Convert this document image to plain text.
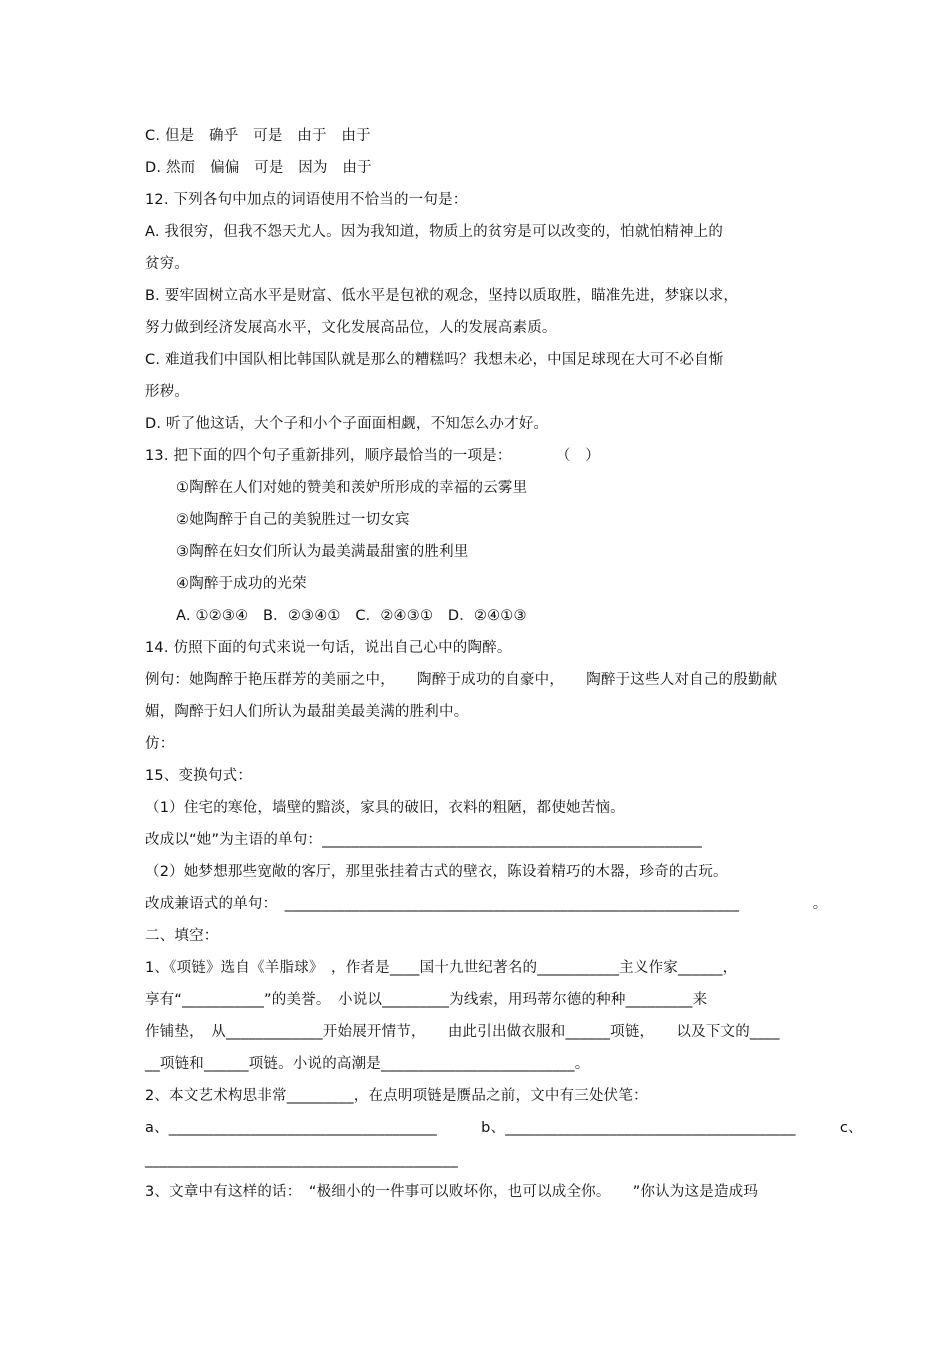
C. 但是　确乎　可是　由于　由于
D. 然而　偏偏　可是　因为　由于
12. 下列各句中加点的词语使用不恰当的一句是：
A. 我很穷，但我不怨天尤人。因为我知道，物质上的贫穷是可以改变的，怕就怕精神上的
贫穷。
B. 要牢固树立高水平是财富、低水平是包袱的观念，坚持以质取胜，瞄准先进，梦寐以求，
努力做到经济发展高水平，文化发展高品位，人的发展高素质。
C. 难道我们中国队相比韩国队就是那么的糟糕吗？我想未必，中国足球现在大可不必自惭
形秽。
D. 听了他这话，大个子和小个子面面相觑，不知怎么办才好。
13. 把下面的四个句子重新排列，顺序最恰当的一项是：　　　　（　）
①陶醉在人们对她的赞美和羡妒所形成的幸福的云雾里
②她陶醉于自己的美貌胜过一切女宾
③陶醉在妇女们所认为最美满最甜蜜的胜利里
④陶醉于成功的光荣
A. ①②③④　B．②③④①　C．②④③①　D．②④①③
14. 仿照下面的句式来说一句话，说出自己心中的陶醉。
例句：她陶醉于艳压群芳的美丽之中，　　陶醉于成功的自豪中，　　陶醉于这些人对自己的殷勤献
媚，陶醉于妇人们所认为最甜美最美满的胜利中。
仿：
15、变换句式：
（1）住宅的寒伧，墙壁的黯淡，家具的破旧，衣料的粗陋，都使她苦恼。
改成以“她”为主语的单句：___________________________________________________
（2）她梦想那些宽敞的客厅，那里张挂着古式的壁衣，陈设着精巧的木器，珍奇的古玩。
改成兼语式的单句：　_____________________________________________________________　　　　　。
二、填空：
1、《项链》选自《羊脂球》　，作者是____国十九世纪著名的___________主义作家______，
享有“___________”的美誉。　小说以_________为线索，用玛蒂尔德的种种_________来
作铺垫，　从_____________开始展开情节，　　由此引出做衣服和______项链，　　以及下文的____
__项链和______项链。小说的高潮是__________________________。
2、本文艺术构思非常_________，在点明项链是赝品之前，文中有三处伏笔：
a、____________________________________　　　b、_______________________________________　　　c、
__________________________________________
3、文章中有这样的话：　“极细小的一件事可以败坏你，也可以成全你。　　”你认为这是造成玛
